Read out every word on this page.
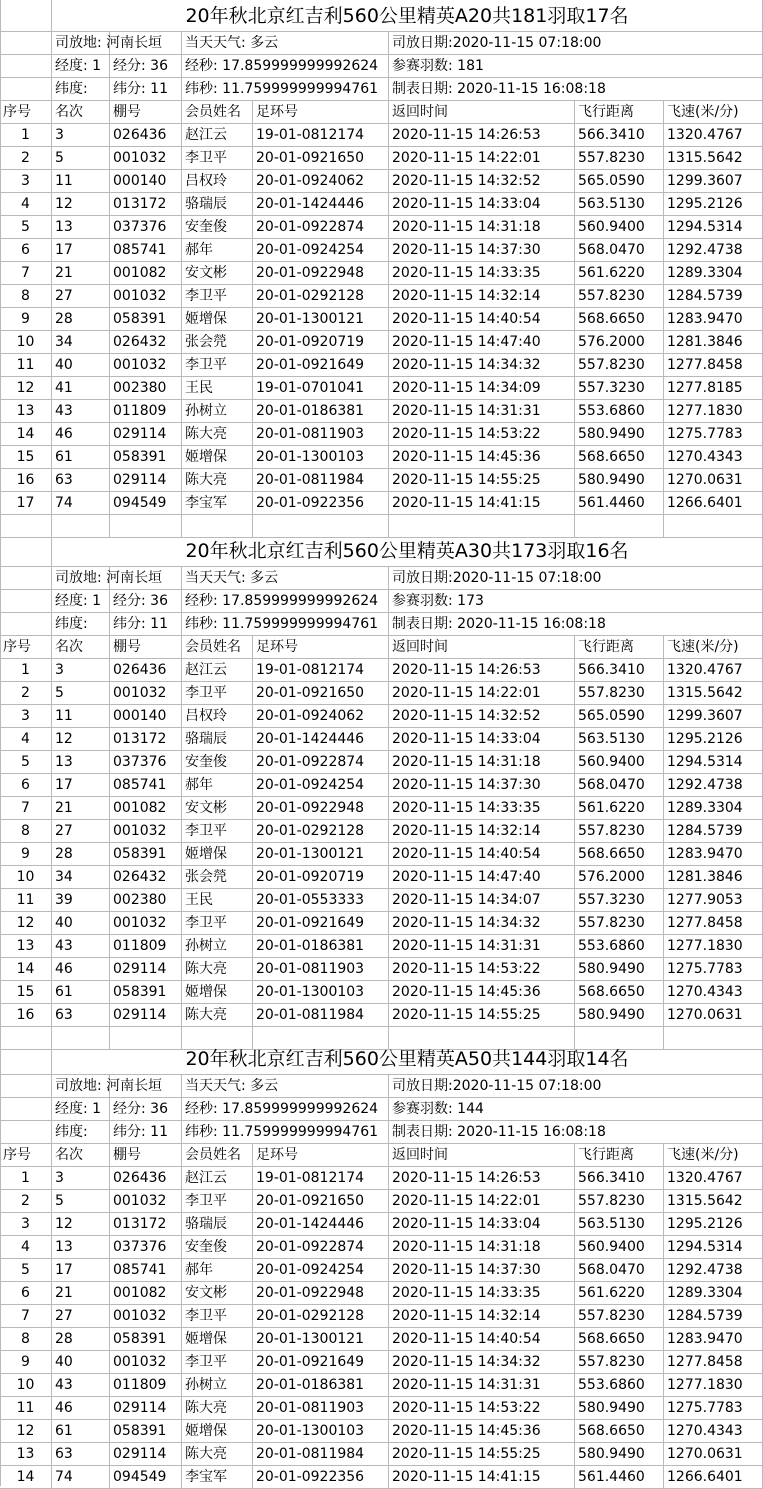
20年秋北京红吉利560公里精英A20共181羽取17名
司放地: 河南长垣 当天天气: 多云	司放日期:2020-11-15 07:18:00
经度: 1 经分: 36	经秒: 17.859999999992624 参赛羽数: 181
纬度:	纬分: 11	纬秒: 11.759999999994761 制表日期: 2020-11-15 16:08:18
序号	名次	棚号	会员姓名	足环号	返回时间	飞行距离	飞速(米/分)
1	3	026436	赵江云	19-01-0812174	2020-11-15 14:26:53	566.3410	1320.4767
2	5	001032	李卫平	20-01-0921650	2020-11-15 14:22:01	557.8230	1315.5642
3	11	000140	吕权玲	20-01-0924062	2020-11-15 14:32:52	565.0590	1299.3607
4	12	013172	骆瑞辰	20-01-1424446	2020-11-15 14:33:04	563.5130	1295.2126
5	13	037376	安奎俊	20-01-0922874	2020-11-15 14:31:18	560.9400	1294.5314
6	17	085741	郝年	20-01-0924254	2020-11-15 14:37:30	568.0470	1292.4738
7	21	001082	安文彬	20-01-0922948	2020-11-15 14:33:35	561.6220	1289.3304
8	27	001032	李卫平	20-01-0292128	2020-11-15 14:32:14	557.8230	1284.5739
9	28	058391	姬增保	20-01-1300121	2020-11-15 14:40:54	568.6650	1283.9470
10	34	026432	张会焭	20-01-0920719	2020-11-15 14:47:40	576.2000	1281.3846
11	40	001032	李卫平	20-01-0921649	2020-11-15 14:34:32	557.8230	1277.8458
12	41	002380	王民	19-01-0701041	2020-11-15 14:34:09	557.3230	1277.8185
13	43	011809	孙树立	20-01-0186381	2020-11-15 14:31:31	553.6860	1277.1830
14	46	029114	陈大亮	20-01-0811903	2020-11-15 14:53:22	580.9490	1275.7783
15	61	058391	姬增保	20-01-1300103	2020-11-15 14:45:36	568.6650	1270.4343
16	63	029114	陈大亮	20-01-0811984	2020-11-15 14:55:25	580.9490	1270.0631
17	74	094549	李宝军	20-01-0922356	2020-11-15 14:41:15	561.4460	1266.6401
20年秋北京红吉利560公里精英A30共173羽取16名
司放地: 河南长垣 当天天气: 多云	司放日期:2020-11-15 07:18:00
经度: 1 经分: 36	经秒: 17.859999999992624 参赛羽数: 173
纬度:	纬分: 11	纬秒: 11.759999999994761 制表日期: 2020-11-15 16:08:18
序号	名次	棚号	会员姓名	足环号	返回时间	飞行距离	飞速(米/分)
1	3	026436	赵江云	19-01-0812174	2020-11-15 14:26:53	566.3410	1320.4767
2	5	001032	李卫平	20-01-0921650	2020-11-15 14:22:01	557.8230	1315.5642
3	11	000140	吕权玲	20-01-0924062	2020-11-15 14:32:52	565.0590	1299.3607
4	12	013172	骆瑞辰	20-01-1424446	2020-11-15 14:33:04	563.5130	1295.2126
5	13	037376	安奎俊	20-01-0922874	2020-11-15 14:31:18	560.9400	1294.5314
6	17	085741	郝年	20-01-0924254	2020-11-15 14:37:30	568.0470	1292.4738
7	21	001082	安文彬	20-01-0922948	2020-11-15 14:33:35	561.6220	1289.3304
8	27	001032	李卫平	20-01-0292128	2020-11-15 14:32:14	557.8230	1284.5739
9	28	058391	姬增保	20-01-1300121	2020-11-15 14:40:54	568.6650	1283.9470
10	34	026432	张会焭	20-01-0920719	2020-11-15 14:47:40	576.2000	1281.3846
11	39	002380	王民	20-01-0553333	2020-11-15 14:34:07	557.3230	1277.9053
12	40	001032	李卫平	20-01-0921649	2020-11-15 14:34:32	557.8230	1277.8458
13	43	011809	孙树立	20-01-0186381	2020-11-15 14:31:31	553.6860	1277.1830
14	46	029114	陈大亮	20-01-0811903	2020-11-15 14:53:22	580.9490	1275.7783
15	61	058391	姬增保	20-01-1300103	2020-11-15 14:45:36	568.6650	1270.4343
16	63	029114	陈大亮	20-01-0811984	2020-11-15 14:55:25	580.9490	1270.0631
20年秋北京红吉利560公里精英A50共144羽取14名
司放地: 河南长垣 当天天气: 多云	司放日期:2020-11-15 07:18:00
经度: 1 经分: 36	经秒: 17.859999999992624 参赛羽数: 144
纬度:	纬分: 11	纬秒: 11.759999999994761 制表日期: 2020-11-15 16:08:18
序号	名次	棚号	会员姓名	足环号	返回时间	飞行距离	飞速(米/分)
1	3	026436	赵江云	19-01-0812174	2020-11-15 14:26:53	566.3410	1320.4767
2	5	001032	李卫平	20-01-0921650	2020-11-15 14:22:01	557.8230	1315.5642
3	12	013172	骆瑞辰	20-01-1424446	2020-11-15 14:33:04	563.5130	1295.2126
4	13	037376	安奎俊	20-01-0922874	2020-11-15 14:31:18	560.9400	1294.5314
5	17	085741	郝年	20-01-0924254	2020-11-15 14:37:30	568.0470	1292.4738
6	21	001082	安文彬	20-01-0922948	2020-11-15 14:33:35	561.6220	1289.3304
7	27	001032	李卫平	20-01-0292128	2020-11-15 14:32:14	557.8230	1284.5739
8	28	058391	姬增保	20-01-1300121	2020-11-15 14:40:54	568.6650	1283.9470
9	40	001032	李卫平	20-01-0921649	2020-11-15 14:34:32	557.8230	1277.8458
10	43	011809	孙树立	20-01-0186381	2020-11-15 14:31:31	553.6860	1277.1830
11	46	029114	陈大亮	20-01-0811903	2020-11-15 14:53:22	580.9490	1275.7783
12	61	058391	姬增保	20-01-1300103	2020-11-15 14:45:36	568.6650	1270.4343
13	63	029114	陈大亮	20-01-0811984	2020-11-15 14:55:25	580.9490	1270.0631
14	74	094549	李宝军	20-01-0922356	2020-11-15 14:41:15	561.4460	1266.6401
